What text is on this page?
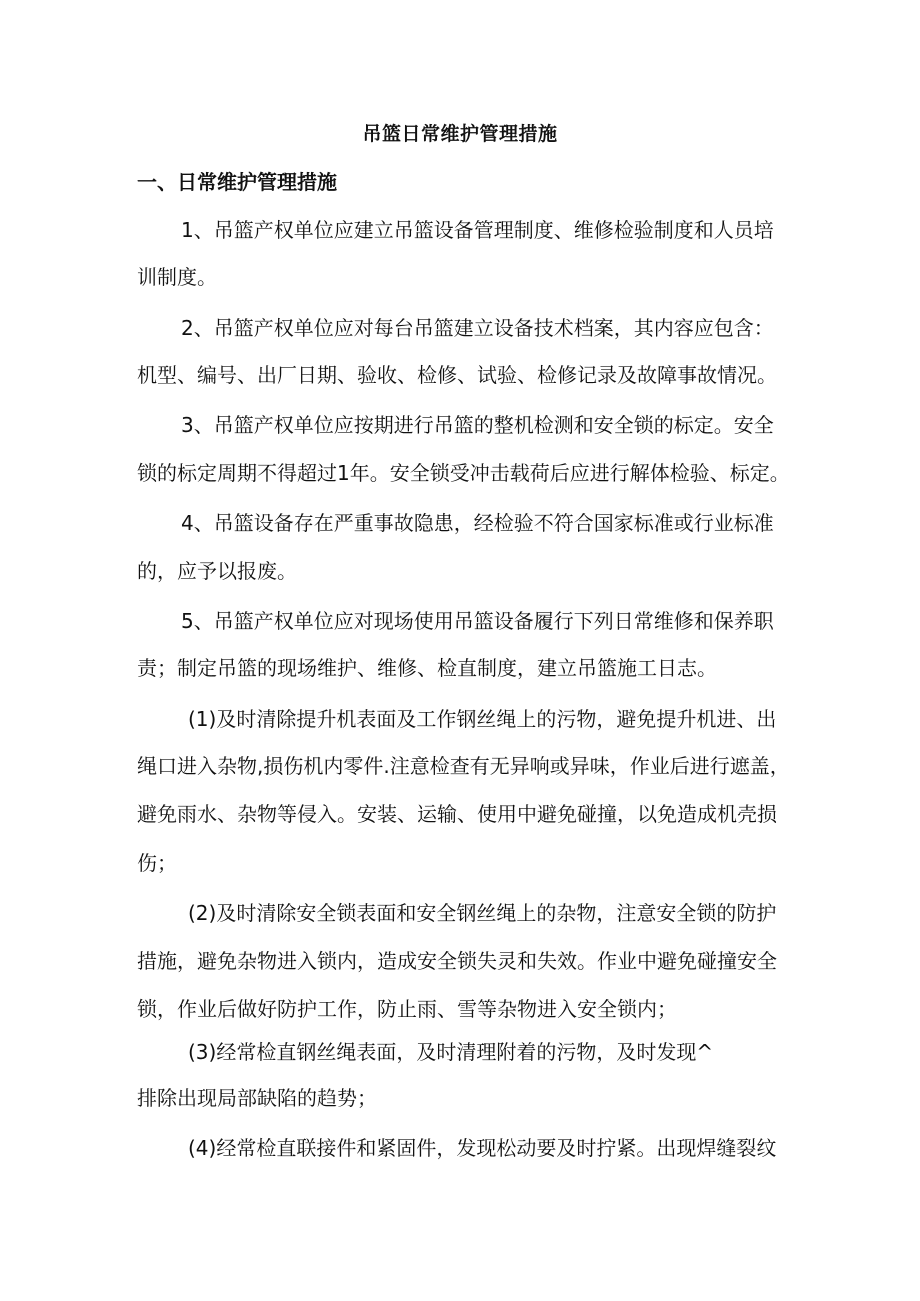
吊篮日常维护管理措施
一、日常维护管理措施
1、吊篮产权单位应建立吊篮设备管理制度、维修检验制度和人员培
训制度。
2、吊篮产权单位应对每台吊篮建立设备技术档案，其内容应包含：
机型、编号、出厂日期、验收、检修、试验、检修记录及故障事故情况。
3、吊篮产权单位应按期进行吊篮的整机检测和安全锁的标定。安全
锁的标定周期不得超过1年。安全锁受冲击载荷后应进行解体检验、标定。
4、吊篮设备存在严重事故隐患，经检验不符合国家标准或行业标准
的，应予以报废。
5、吊篮产权单位应对现场使用吊篮设备履行下列日常维修和保养职
责；制定吊篮的现场维护、维修、检直制度，建立吊篮施工日志。
(1)及时清除提升机表面及工作钢丝绳上的污物，避免提升机进、出
绳口进入杂物,损伤机内零件.注意检查有无异响或异味，作业后进行遮盖，
避免雨水、杂物等侵入。安装、运输、使用中避免碰撞，以免造成机壳损
伤；
(2)及时清除安全锁表面和安全钢丝绳上的杂物，注意安全锁的防护
措施，避免杂物进入锁内，造成安全锁失灵和失效。作业中避免碰撞安全
锁，作业后做好防护工作，防止雨、雪等杂物进入安全锁内；
(3)经常检直钢丝绳表面，及时清理附着的污物，及时发现^
排除出现局部缺陷的趋势；
(4)经常检直联接件和紧固件，发现松动要及时拧紧。出现焊缝裂纹
